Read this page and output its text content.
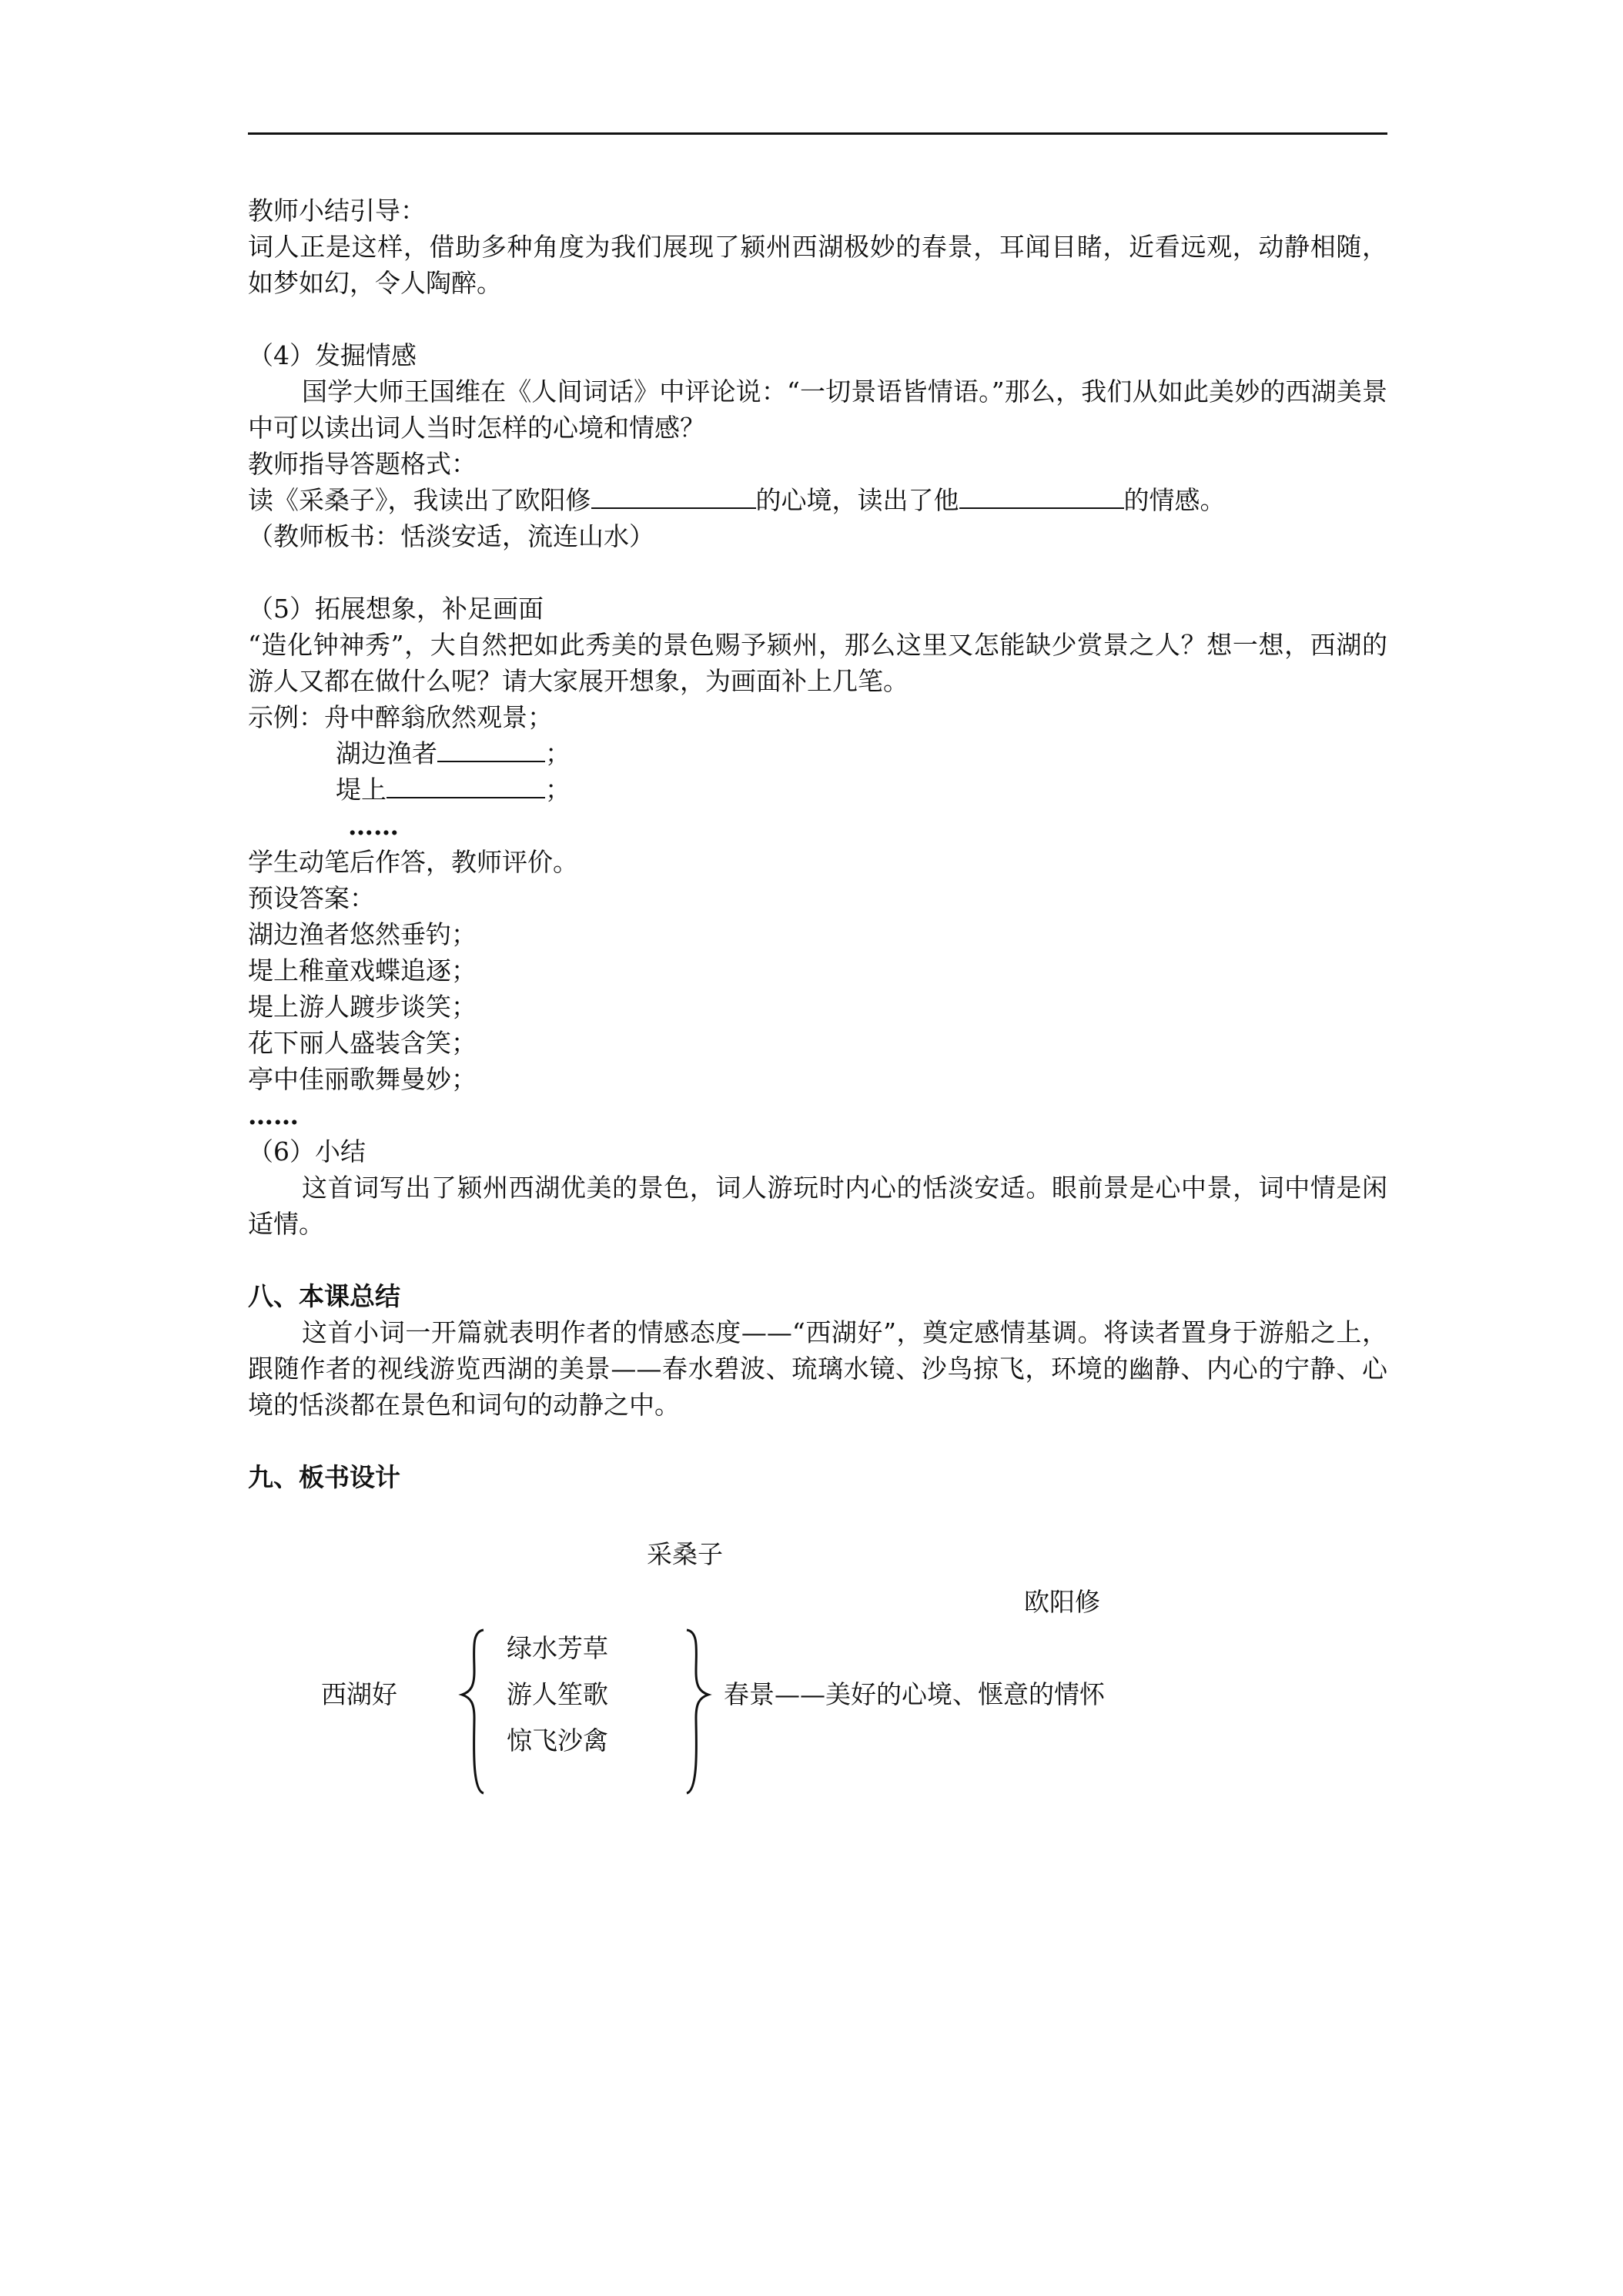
教师小结引导：

词人正是这样，借助多种角度为我们展现了颍州西湖极妙的春景，耳闻目睹，近看远观，动静相随，如梦如幻，令人陶醉。

（4）发掘情感

国学大师王国维在《人间词话》中评论说：“一切景语皆情语。”那么，我们从如此美妙的西湖美景中可以读出词人当时怎样的心境和情感？

教师指导答题格式：

读《采桑子》，我读出了欧阳修	的心境，读出了他	的情感。

（教师板书：恬淡安适，流连山水）

（5）拓展想象，补足画面

“造化钟神秀”，大自然把如此秀美的景色赐予颍州，那么这里又怎能缺少赏景之人？想一想，西湖的游人又都在做什么呢？请大家展开想象，为画面补上几笔。

示例：舟中醉翁欣然观景；

湖边渔者	；

堤上	；

……

学生动笔后作答，教师评价。

预设答案：

湖边渔者悠然垂钓；

堤上稚童戏蝶追逐；

堤上游人踱步谈笑；

花下丽人盛装含笑；

亭中佳丽歌舞曼妙；

……

（6）小结

这首词写出了颍州西湖优美的景色，词人游玩时内心的恬淡安适。眼前景是心中景，词中情是闲适情。

八、本课总结

这首小词一开篇就表明作者的情感态度——“西湖好”，奠定感情基调。将读者置身于游船之上，跟随作者的视线游览西湖的美景——春水碧波、琉璃水镜、沙鸟掠飞，环境的幽静、内心的宁静、心境的恬淡都在景色和词句的动静之中。

九、板书设计

采桑子
欧阳修
西湖好
绿水芳草
游人笙歌
惊飞沙禽
春景——美好的心境、惬意的情怀
